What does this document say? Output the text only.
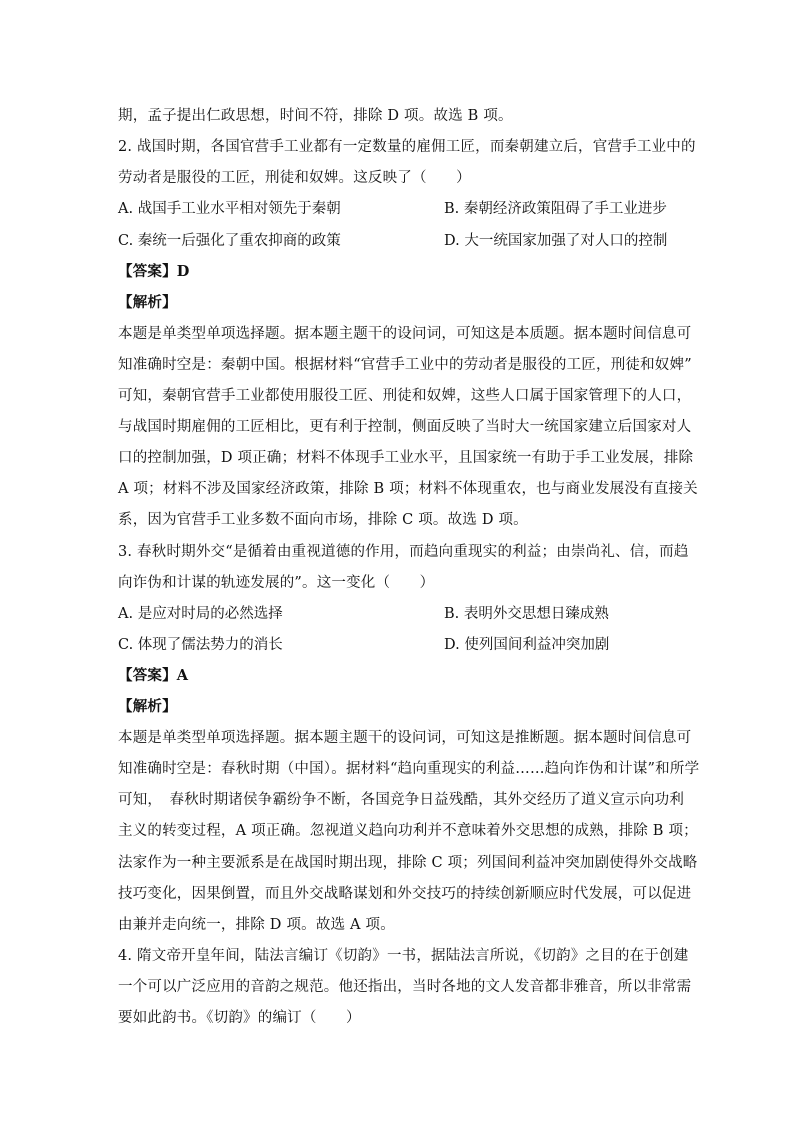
期，孟子提出仁政思想，时间不符，排除 D 项。故选 B 项。
2. 战国时期，各国官营手工业都有一定数量的雇佣工匠，而秦朝建立后，官营手工业中的
劳动者是服役的工匠，刑徒和奴婢。这反映了（　　）
A. 战国手工业水平相对领先于秦朝	B. 秦朝经济政策阻碍了手工业进步
C. 秦统一后强化了重农抑商的政策	D. 大一统国家加强了对人口的控制
【答案】D
【解析】
本题是单类型单项选择题。据本题主题干的设问词，可知这是本质题。据本题时间信息可
知准确时空是：秦朝中国。根据材料“官营手工业中的劳动者是服役的工匠，刑徒和奴婢”
可知，秦朝官营手工业都使用服役工匠、刑徒和奴婢，这些人口属于国家管理下的人口，
与战国时期雇佣的工匠相比，更有利于控制，侧面反映了当时大一统国家建立后国家对人
口的控制加强，D 项正确；材料不体现手工业水平，且国家统一有助于手工业发展，排除
A 项；材料不涉及国家经济政策，排除 B 项；材料不体现重农，也与商业发展没有直接关
系，因为官营手工业多数不面向市场，排除 C 项。故选 D 项。
3. 春秋时期外交“是循着由重视道德的作用，而趋向重现实的利益；由崇尚礼、信，而趋
向诈伪和计谋的轨迹发展的”。这一变化（　　）
A. 是应对时局的必然选择	B. 表明外交思想日臻成熟
C. 体现了儒法势力的消长	D. 使列国间利益冲突加剧
【答案】A
【解析】
本题是单类型单项选择题。据本题主题干的设问词，可知这是推断题。据本题时间信息可
知准确时空是：春秋时期（中国）。据材料“趋向重现实的利益……趋向诈伪和计谋”和所学
可知，　春秋时期诸侯争霸纷争不断，各国竞争日益残酷，其外交经历了道义宣示向功利
主义的转变过程，A 项正确。忽视道义趋向功利并不意味着外交思想的成熟，排除 B 项；
法家作为一种主要派系是在战国时期出现，排除 C 项；列国间利益冲突加剧使得外交战略
技巧变化，因果倒置，而且外交战略谋划和外交技巧的持续创新顺应时代发展，可以促进
由兼并走向统一，排除 D 项。故选 A 项。
4. 隋文帝开皇年间，陆法言编订《切韵》一书，据陆法言所说，《切韵》之目的在于创建
一个可以广泛应用的音韵之规范。他还指出，当时各地的文人发音都非雅音，所以非常需
要如此韵书。《切韵》的编订（　　）
